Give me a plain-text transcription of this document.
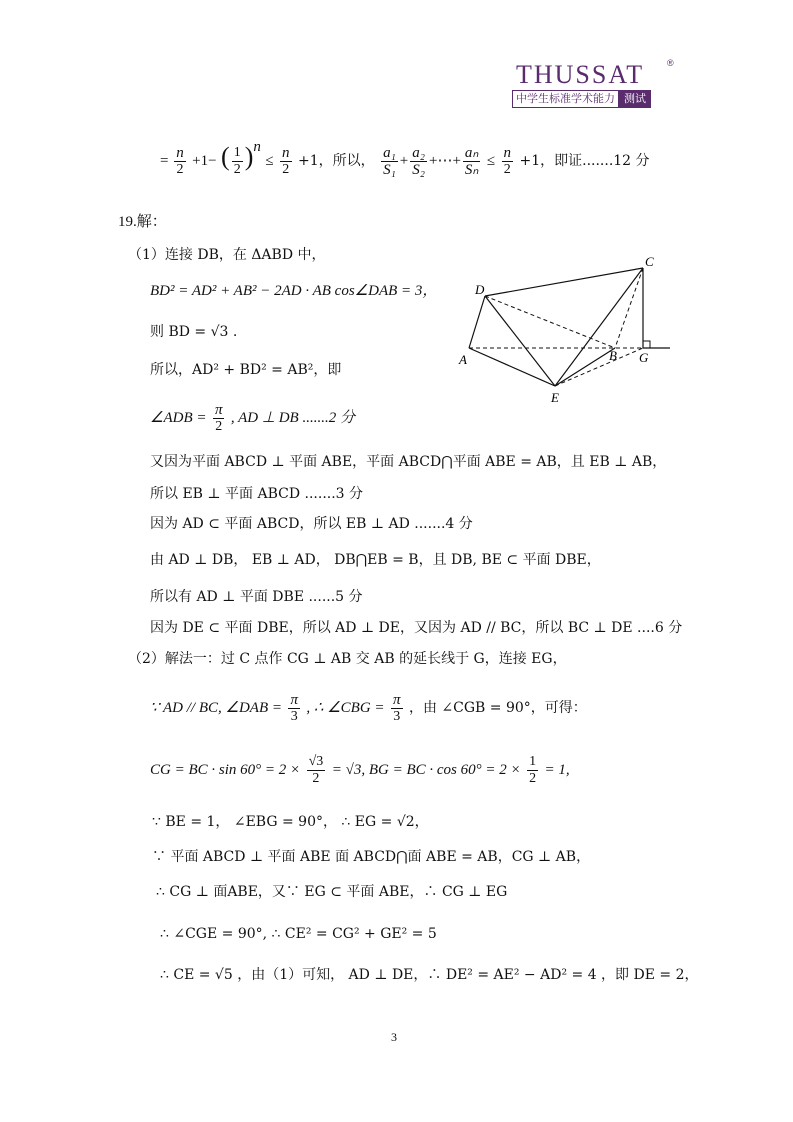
THUSSAT	®
中学生标准学术能力 测试
= $\frac{n}{2} +1-$ ( $\frac{1}{2} )^n \le \frac{n}{2} +1$，所以， $\frac{\text{a₁}}{\text{S₁}} + \frac{\text{a₂}}{\text{S₂}}$ +⋯+ $\frac{\text{aₙ}}{\text{Sₙ}} \le \frac{n}{2} +1$，即证.......12 分
19.解：
（1）连接 DB，在 ΔABD 中，
BD² = AD² + AB² − 2AD · AB cos∠DAB = 3，
则 BD = √3 .
所以，AD² + BD² = AB²，即
∠ADB = $\frac{\pi}{2}$ , AD ⊥ DB .......2 分
又因为平面 ABCD ⊥ 平面 ABE，平面 ABCD⋂平面 ABE = AB，且 EB ⊥ AB，
所以 EB ⊥ 平面 ABCD .......3 分
因为 AD ⊂ 平面 ABCD，所以 EB ⊥ AD .......4 分
由 AD ⊥ DB， EB ⊥ AD， DB⋂EB = B，且 DB, BE ⊂ 平面 DBE，
所以有 AD ⊥ 平面 DBE ......5 分
因为 DE ⊂ 平面 DBE，所以 AD ⊥ DE，又因为 AD // BC，所以 BC ⊥ DE ....6 分
（2）解法一：过 C 点作 CG ⊥ AB 交 AB 的延长线于 G，连接 EG，
∵ AD // BC, ∠DAB = $\frac{\pi}{3}$ , ∴ ∠CBG = $\frac{\pi}{3}$ ，由 ∠CGB = 90°，可得：
CG = BC · $\sin 60^\circ = 2 \times \frac{√3}{2} = √3$, BG = BC · $\cos 60^\circ = 2 \times \frac{1}{2} = 1$,
∵ BE = 1， ∠EBG = 90°， ∴ EG = √2，
∵ 平面 ABCD ⊥ 平面 ABE 面 ABCD⋂面 ABE = AB，CG ⊥ AB，
∴ CG ⊥ 面ABE，又∵ EG ⊂ 平面 ABE，∴ CG ⊥ EG
∴ ∠CGE = 90°, ∴ CE² = CG² + GE² = 5
∴ CE = √5 ，由（1）可知， AD ⊥ DE，∴ DE² = AE² − AD² = 4 ，即 DE = 2，
D
C
A	B G
E
3
